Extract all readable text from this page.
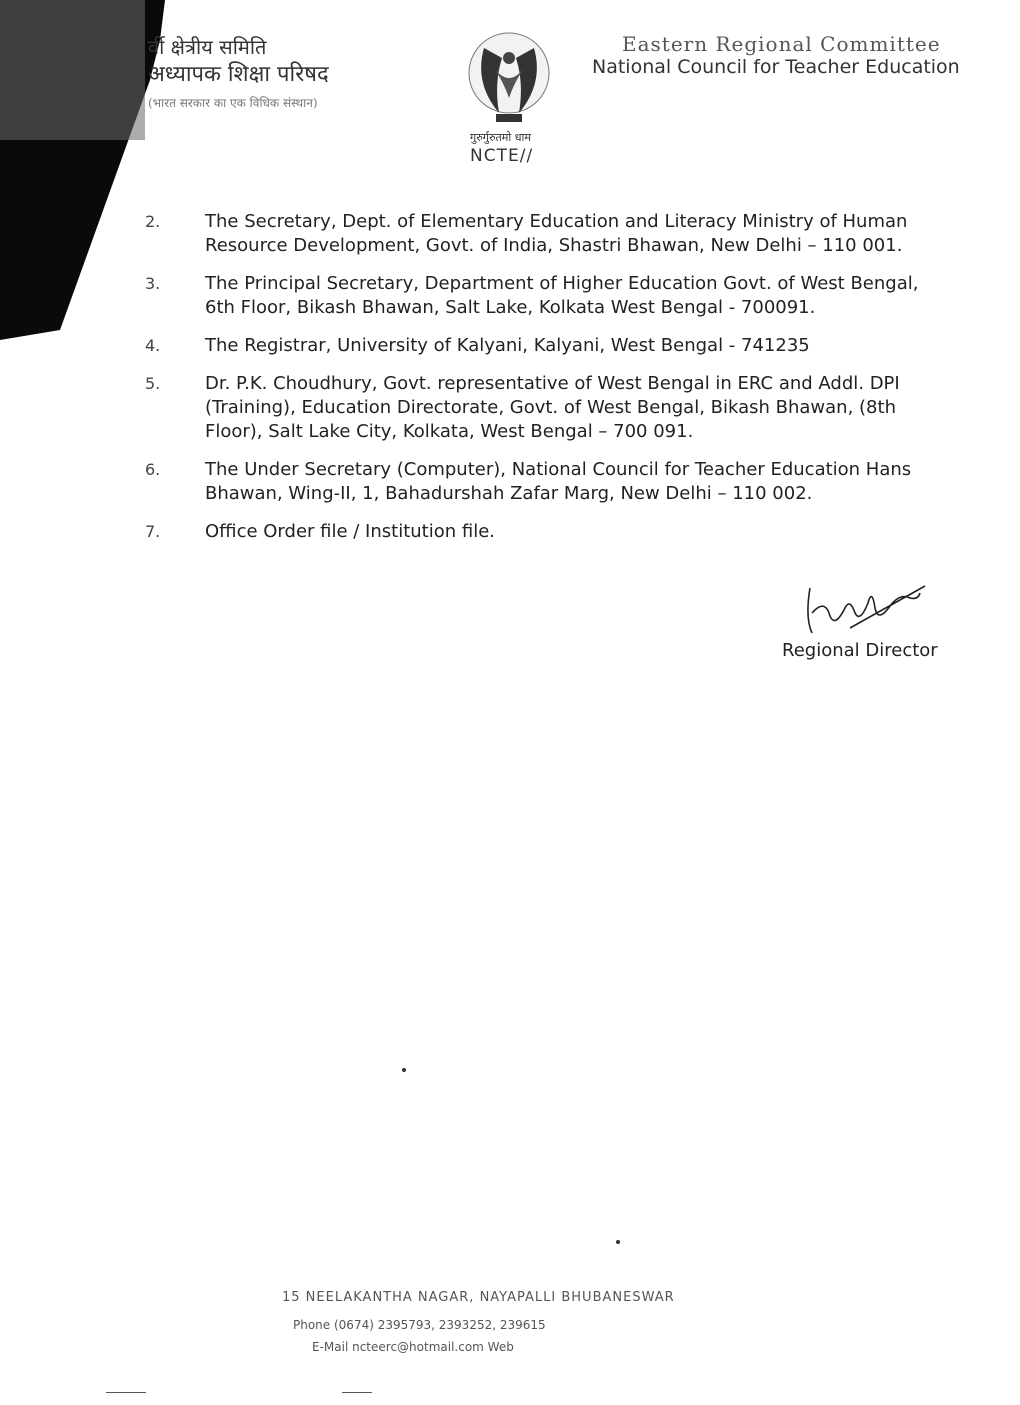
र्वी क्षेत्रीय समिति
अध्यापक शिक्षा परिषद
(भारत सरकार का एक विधिक संस्थान)
गुरुर्गुरुतमो धाम
NCTE//
Eastern Regional Committee
National Council for Teacher Education
2. The Secretary, Dept. of Elementary Education and Literacy Ministry of Human Resource Development, Govt. of India, Shastri Bhawan, New Delhi – 110 001.
3. The Principal Secretary, Department of Higher Education Govt. of West Bengal, 6th Floor, Bikash Bhawan, Salt Lake, Kolkata West Bengal - 700091.
4. The Registrar, University of Kalyani, Kalyani, West Bengal - 741235
5. Dr. P.K. Choudhury, Govt. representative of West Bengal in ERC and Addl. DPI (Training), Education Directorate, Govt. of West Bengal, Bikash Bhawan, (8th Floor), Salt Lake City, Kolkata, West Bengal – 700 091.
6. The Under Secretary (Computer), National Council for Teacher Education Hans Bhawan, Wing-II, 1, Bahadurshah Zafar Marg, New Delhi – 110 002.
7. Office Order file / Institution file.
Regional Director
15 NEELAKANTHA NAGAR, NAYAPALLI BHUBANESWAR
Phone (0674) 2395793, 2393252, 239615
E-Mail ncteerc@hotmail.com Web
